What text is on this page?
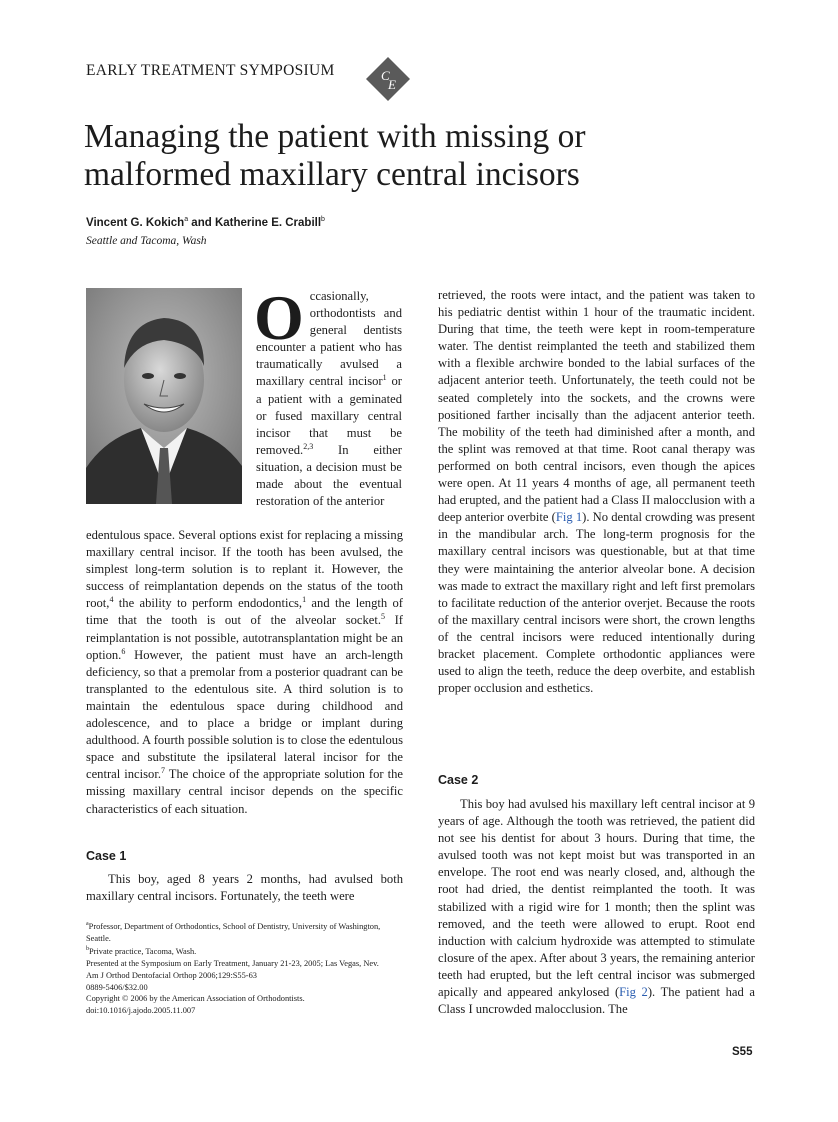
EARLY TREATMENT SYMPOSIUM	C
E
Managing the patient with missing or malformed maxillary central incisors
Vincent G. Kokich$^a$ and Katherine E. Crabill$^b$
Seattle and Tacoma, Wash
Occasionally, orthodontists and general dentists encounter a patient who has traumatically avulsed a maxillary central incisor$^1$ or a patient with a geminated or fused maxillary central incisor that must be removed.$^{2,3}$ In either situation, a decision must be made about the eventual restoration of the anterior

edentulous space. Several options exist for replacing a missing maxillary central incisor. If the tooth has been avulsed, the simplest long-term solution is to replant it. However, the success of reimplantation depends on the status of the tooth root,$^4$ the ability to perform endodontics,$^1$ and the length of time that the tooth is out of the alveolar socket.$^5$ If reimplantation is not possible, autotransplantation might be an option.$^6$ However, the patient must have an arch-length deficiency, so that a premolar from a posterior quadrant can be transplanted to the edentulous site. A third solution is to maintain the edentulous space during childhood and adolescence, and to place a bridge or implant during adulthood. A fourth possible solution is to close the edentulous space and substitute the ipsilateral lateral incisor for the central incisor.$^7$ The choice of the appropriate solution for the missing maxillary central incisor depends on the specific characteristics of each situation.

Case 1

This boy, aged 8 years 2 months, had avulsed both maxillary central incisors. Fortunately, the teeth were

$^a$Professor, Department of Orthodontics, School of Dentistry, University of Washington, Seattle.

$^b$Private practice, Tacoma, Wash.

Presented at the Symposium on Early Treatment, January 21-23, 2005; Las Vegas, Nev.

Am J Orthod Dentofacial Orthop 2006;129:S55-63

0889-5406/$32.00

Copyright © 2006 by the American Association of Orthodontists.

doi:10.1016/j.ajodo.2005.11.007

retrieved, the roots were intact, and the patient was taken to his pediatric dentist within 1 hour of the traumatic incident. During that time, the teeth were kept in room-temperature water. The dentist reimplanted the teeth and stabilized them with a flexible archwire bonded to the labial surfaces of the adjacent anterior teeth. Unfortunately, the teeth could not be seated completely into the sockets, and the crowns were positioned farther incisally than the adjacent anterior teeth. The mobility of the teeth had diminished after a month, and the splint was removed at that time. Root canal therapy was performed on both central incisors, even though the apices were open. At 11 years 4 months of age, all permanent teeth had erupted, and the patient had a Class II malocclusion with a deep anterior overbite (Fig 1). No dental crowding was present in the mandibular arch. The long-term prognosis for the maxillary central incisors was questionable, but at that time they were maintaining the anterior alveolar bone. A decision was made to extract the maxillary right and left first premolars to facilitate reduction of the anterior overjet. Because the roots of the maxillary central incisors were short, the crown lengths of the central incisors were reduced intentionally during bracket placement. Complete orthodontic appliances were used to align the teeth, reduce the deep overbite, and establish proper occlusion and esthetics.

Case 2

This boy had avulsed his maxillary left central incisor at 9 years of age. Although the tooth was retrieved, the patient did not see his dentist for about 3 hours. During that time, the avulsed tooth was not kept moist but was transported in an envelope. The root end was nearly closed, and, although the root had dried, the dentist reimplanted the tooth. It was stabilized with a rigid wire for 1 month; then the splint was removed, and the teeth were allowed to erupt. Root end induction with calcium hydroxide was attempted to stimulate closure of the apex. After about 3 years, the remaining anterior teeth had erupted, but the left central incisor was submerged apically and appeared ankylosed (Fig 2). The patient had a Class I uncrowded malocclusion. The

S55
